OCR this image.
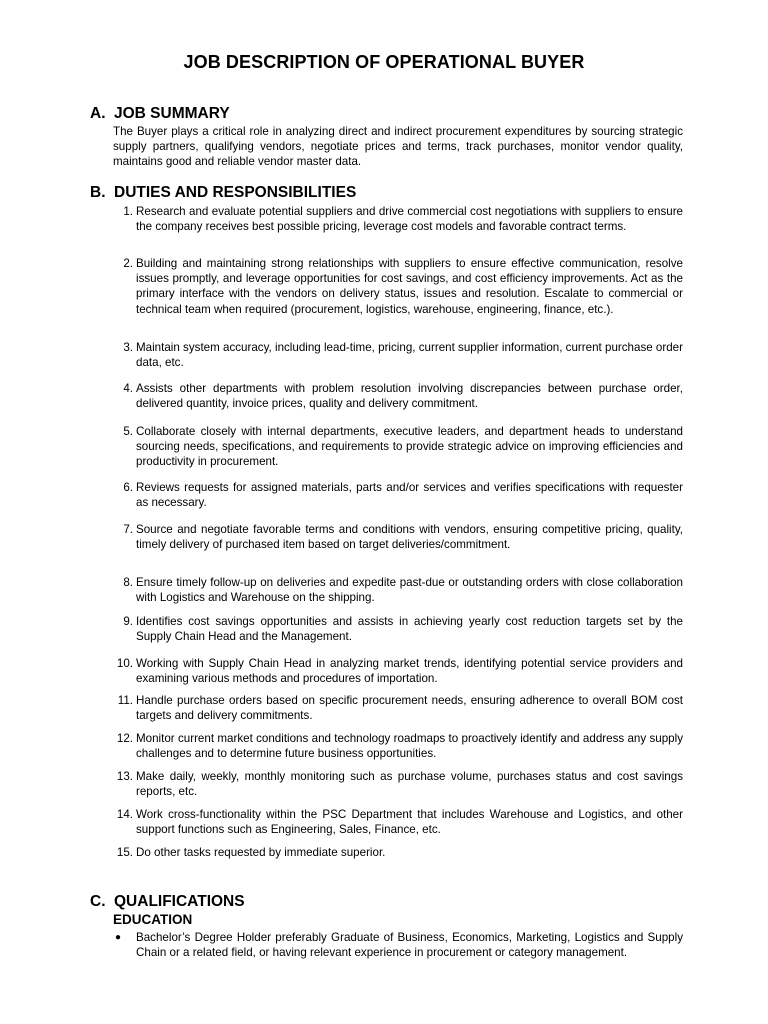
JOB DESCRIPTION OF OPERATIONAL BUYER
A. JOB SUMMARY
The Buyer plays a critical role in analyzing direct and indirect procurement expenditures by sourcing strategic supply partners, qualifying vendors, negotiate prices and terms, track purchases, monitor vendor quality, maintains good and reliable vendor master data.
B. DUTIES AND RESPONSIBILITIES
1. Research and evaluate potential suppliers and drive commercial cost negotiations with suppliers to ensure the company receives best possible pricing, leverage cost models and favorable contract terms.
2. Building and maintaining strong relationships with suppliers to ensure effective communication, resolve issues promptly, and leverage opportunities for cost savings, and cost efficiency improvements. Act as the primary interface with the vendors on delivery status, issues and resolution. Escalate to commercial or technical team when required (procurement, logistics, warehouse, engineering, finance, etc.).
3. Maintain system accuracy, including lead-time, pricing, current supplier information, current purchase order data, etc.
4. Assists other departments with problem resolution involving discrepancies between purchase order, delivered quantity, invoice prices, quality and delivery commitment.
5. Collaborate closely with internal departments, executive leaders, and department heads to understand sourcing needs, specifications, and requirements to provide strategic advice on improving efficiencies and productivity in procurement.
6. Reviews requests for assigned materials, parts and/or services and verifies specifications with requester as necessary.
7. Source and negotiate favorable terms and conditions with vendors, ensuring competitive pricing, quality, timely delivery of purchased item based on target deliveries/commitment.
8. Ensure timely follow-up on deliveries and expedite past-due or outstanding orders with close collaboration with Logistics and Warehouse on the shipping.
9. Identifies cost savings opportunities and assists in achieving yearly cost reduction targets set by the Supply Chain Head and the Management.
10. Working with Supply Chain Head in analyzing market trends, identifying potential service providers and examining various methods and procedures of importation.
11. Handle purchase orders based on specific procurement needs, ensuring adherence to overall BOM cost targets and delivery commitments.
12. Monitor current market conditions and technology roadmaps to proactively identify and address any supply challenges and to determine future business opportunities.
13. Make daily, weekly, monthly monitoring such as purchase volume, purchases status and cost savings reports, etc.
14. Work cross-functionality within the PSC Department that includes Warehouse and Logistics, and other support functions such as Engineering, Sales, Finance, etc.
15. Do other tasks requested by immediate superior.
C. QUALIFICATIONS
EDUCATION
● Bachelor’s Degree Holder preferably Graduate of Business, Economics, Marketing, Logistics and Supply Chain or a related field, or having relevant experience in procurement or category management.
